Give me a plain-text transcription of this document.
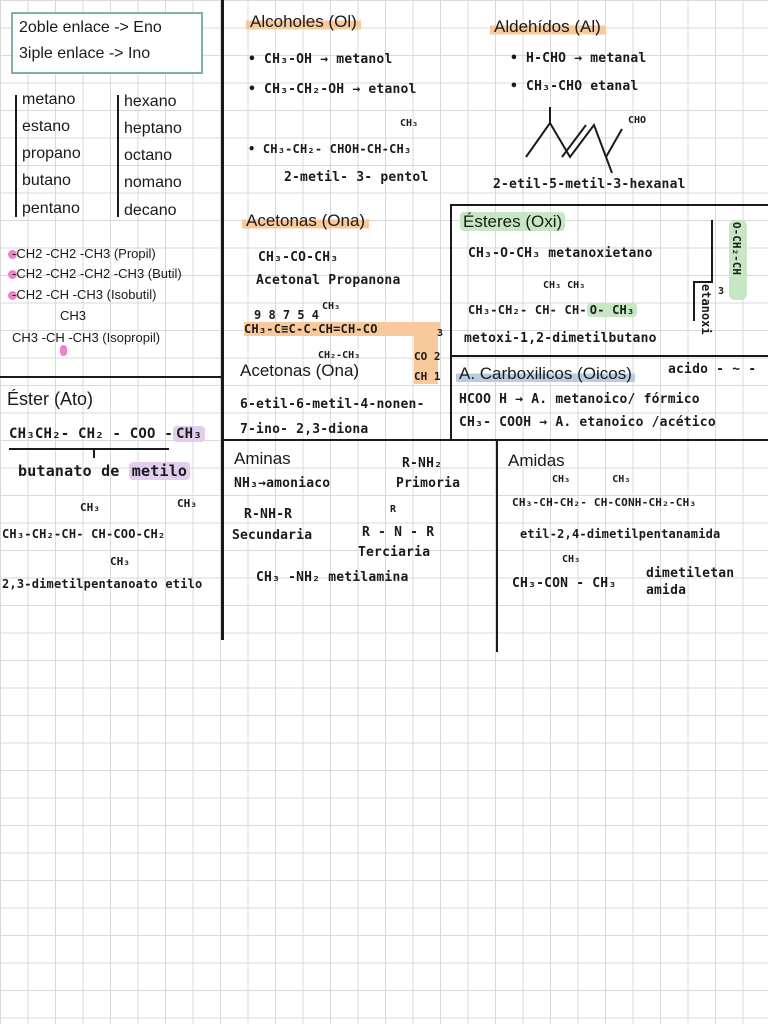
2oble enlace -> Eno
3iple enlace -> Ino
metano
estano
propano
butano
pentano
hexano
heptano
octano
nomano
decano
-CH2 -CH2 -CH3 (Propil)
-CH2 -CH2 -CH2 -CH3 (Butil)
-CH2 -CH -CH3 (Isobutil)
CH3
CH3 -CH -CH3 (Isopropil)
Éster (Ato)
CH₃CH₂- CH₂ - COO - CH₃
butanato de metilo
CH₃	CH₃
CH₃-CH₂-CH- CH-COO-CH₂
CH₃
2,3-dimetilpentanoato etilo
Alcoholes (Ol)
• CH₃-OH → metanol
• CH₃-CH₂-OH → etanol
CH₃
• CH₃-CH₂- CHOH-CH-CH₃
2-metil- 3- pentol
Aldehídos (Al)
• H-CHO → metanal
• CH₃-CHO etanal
CHO
2-etil-5-metil-3-hexanal
Acetonas (Ona)
CH₃-CO-CH₃
Acetonal Propanona
9 8 7 5 4
CH₃
CH₃-C≡C-C-CH=CH-CO	3
CO 2
CH 1
CH₂-CH₃
Acetonas (Ona)
6-etil-6-metil-4-nonen-
7-ino- 2,3-diona
Ésteres (Oxi)
CH₃-O-CH₃ metanoxietano	O-CH₂-CH
3
etanoxi
CH₃ CH₃
CH₃-CH₂- CH- CH- O- CH₃
metoxi-1,2-dimetilbutano
A. Carboxilicos (Oicos)	acido - ~ -
HCOO H → A. metanoico/ fórmico
CH₃- COOH → A. etanoico /acético
Aminas
NH₃→amoniaco
R-NH₂
Primoria
R-NH-R
Secundaria
R
R - N - R
Terciaria
CH₃ -NH₂ metilamina
Amidas
CH₃       CH₃
CH₃-CH-CH₂- CH-CONH-CH₂-CH₃
etil-2,4-dimetilpentanamida
CH₃
CH₃-CON - CH₃
dimetiletan
amida
